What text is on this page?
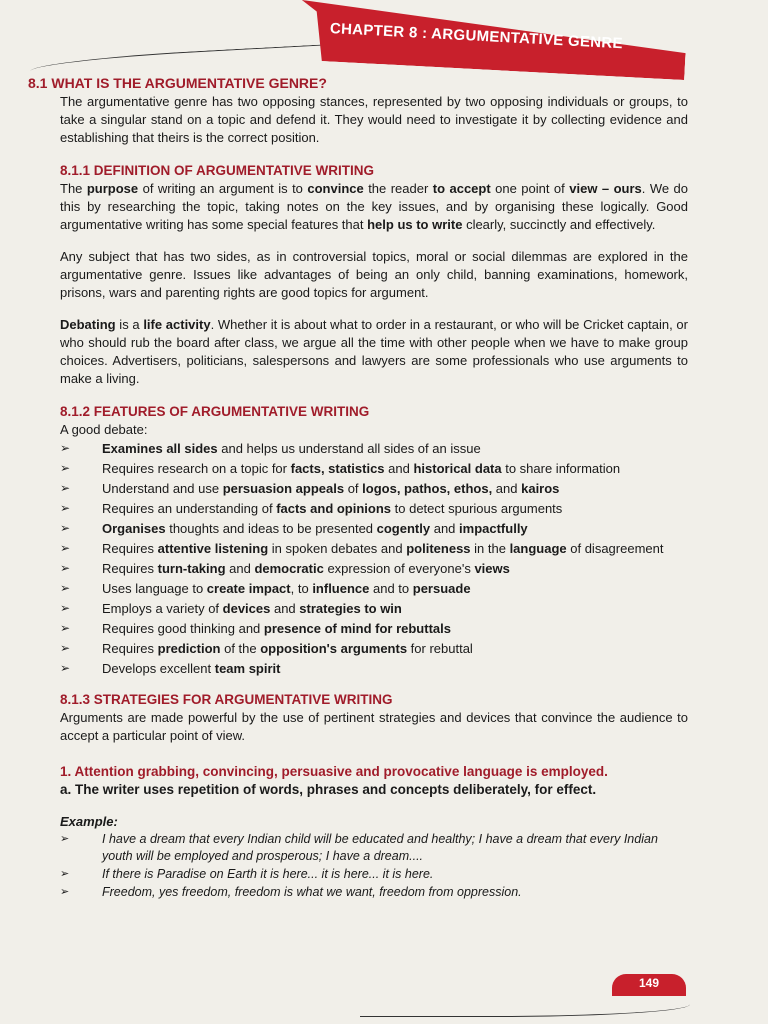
CHAPTER 8 : ARGUMENTATIVE GENRE
8.1 WHAT IS THE ARGUMENTATIVE GENRE?

The argumentative genre has two opposing stances, represented by two opposing individuals or groups, to take a singular stand on a topic and defend it. They would need to investigate it by collecting evidence and establishing that theirs is the correct position.

8.1.1 DEFINITION OF ARGUMENTATIVE WRITING

The purpose of writing an argument is to convince the reader to accept one point of view – ours. We do this by researching the topic, taking notes on the key issues, and by organising these logically. Good argumentative writing has some special features that help us to write clearly, succinctly and effectively.

Any subject that has two sides, as in controversial topics, moral or social dilemmas are explored in the argumentative genre. Issues like advantages of being an only child, banning examinations, homework, prisons, wars and parenting rights are good topics for argument.

Debating is a life activity. Whether it is about what to order in a restaurant, or who will be Cricket captain, or who should rub the board after class, we argue all the time with other people when we have to make group choices. Advertisers, politicians, salespersons and lawyers are some professionals who use arguments to make a living.

8.1.2 FEATURES OF ARGUMENTATIVE WRITING

A good debate:

➢ Examines all sides and helps us understand all sides of an issue
➢ Requires research on a topic for facts, statistics and historical data to share information
➢ Understand and use persuasion appeals of logos, pathos, ethos, and kairos
➢ Requires an understanding of facts and opinions to detect spurious arguments
➢ Organises thoughts and ideas to be presented cogently and impactfully
➢ Requires attentive listening in spoken debates and politeness in the language of disagreement
➢ Requires turn-taking and democratic expression of everyone's views
➢ Uses language to create impact, to influence and to persuade
➢ Employs a variety of devices and strategies to win
➢ Requires good thinking and presence of mind for rebuttals
➢ Requires prediction of the opposition's arguments for rebuttal
➢ Develops excellent team spirit
8.1.3 STRATEGIES FOR ARGUMENTATIVE WRITING

Arguments are made powerful by the use of pertinent strategies and devices that convince the audience to accept a particular point of view.

1. Attention grabbing, convincing, persuasive and provocative language is employed.

a. The writer uses repetition of words, phrases and concepts deliberately, for effect.

Example:

➢	I have a dream that every Indian child will be educated and healthy; I have a dream that every Indian youth will be employed and prosperous; I have a dream....
➢	If there is Paradise on Earth it is here... it is here... it is here.
➢	Freedom, yes freedom, freedom is what we want, freedom from oppression.
149
